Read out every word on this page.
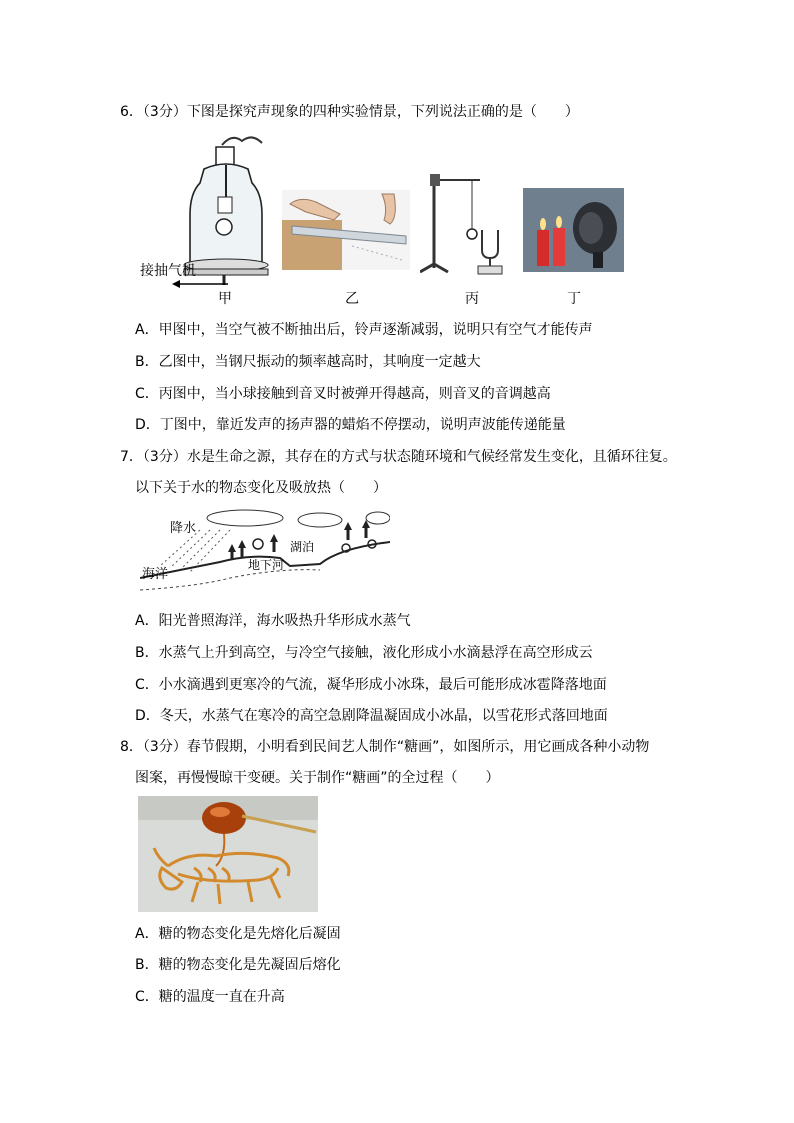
6．（3分）下图是探究声现象的四种实验情景，下列说法正确的是（　　）
接抽气机
甲	乙	丙	丁
A．甲图中，当空气被不断抽出后，铃声逐渐减弱，说明只有空气才能传声
B．乙图中，当钢尺振动的频率越高时，其响度一定越大
C．丙图中，当小球接触到音叉时被弹开得越高，则音叉的音调越高
D．丁图中，靠近发声的扬声器的蜡焰不停摆动，说明声波能传递能量
7．（3分）水是生命之源，其存在的方式与状态随环境和气候经常发生变化，且循环往复。
以下关于水的物态变化及吸放热（　　）
降水
湖泊
地下河
海洋
A．阳光普照海洋，海水吸热升华形成水蒸气
B．水蒸气上升到高空，与冷空气接触，液化形成小水滴悬浮在高空形成云
C．小水滴遇到更寒冷的气流，凝华形成小冰珠，最后可能形成冰雹降落地面
D．冬天，水蒸气在寒冷的高空急剧降温凝固成小冰晶，以雪花形式落回地面
8．（3分）春节假期，小明看到民间艺人制作“糖画”，如图所示，用它画成各种小动物
图案，再慢慢晾干变硬。关于制作“糖画”的全过程（　　）
A．糖的物态变化是先熔化后凝固
B．糖的物态变化是先凝固后熔化
C．糖的温度一直在升高
